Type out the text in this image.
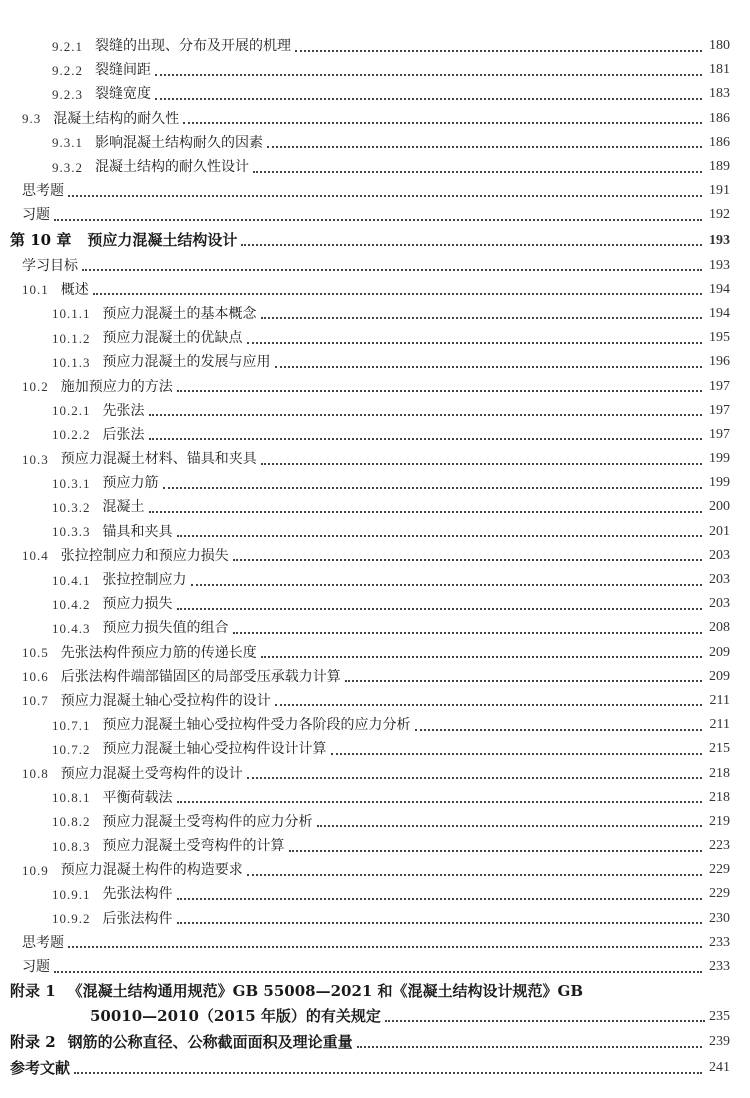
9.2.1 裂缝的出现、分布及开展的机理	180
9.2.2 裂缝间距	181
9.2.3 裂缝宽度	183
9.3 混凝土结构的耐久性	186
9.3.1 影响混凝土结构耐久的因素	186
9.3.2 混凝土结构的耐久性设计	189
思考题	191
习题	192
第 10 章 预应力混凝土结构设计	193
学习目标	193
10.1 概述	194
10.1.1 预应力混凝土的基本概念	194
10.1.2 预应力混凝土的优缺点	195
10.1.3 预应力混凝土的发展与应用	196
10.2 施加预应力的方法	197
10.2.1 先张法	197
10.2.2 后张法	197
10.3 预应力混凝土材料、锚具和夹具	199
10.3.1 预应力筋	199
10.3.2 混凝土	200
10.3.3 锚具和夹具	201
10.4 张拉控制应力和预应力损失	203
10.4.1 张拉控制应力	203
10.4.2 预应力损失	203
10.4.3 预应力损失值的组合	208
10.5 先张法构件预应力筋的传递长度	209
10.6 后张法构件端部锚固区的局部受压承载力计算	209
10.7 预应力混凝土轴心受拉构件的设计	211
10.7.1 预应力混凝土轴心受拉构件受力各阶段的应力分析	211
10.7.2 预应力混凝土轴心受拉构件设计计算	215
10.8 预应力混凝土受弯构件的设计	218
10.8.1 平衡荷载法	218
10.8.2 预应力混凝土受弯构件的应力分析	219
10.8.3 预应力混凝土受弯构件的计算	223
10.9 预应力混凝土构件的构造要求	229
10.9.1 先张法构件	229
10.9.2 后张法构件	230
思考题	233
习题	233
附录 1 《混凝土结构通用规范》GB 55008—2021 和《混凝土结构设计规范》GB
50010—2010（2015 年版）的有关规定	235
附录 2 钢筋的公称直径、公称截面面积及理论重量	239
参考文献	241
